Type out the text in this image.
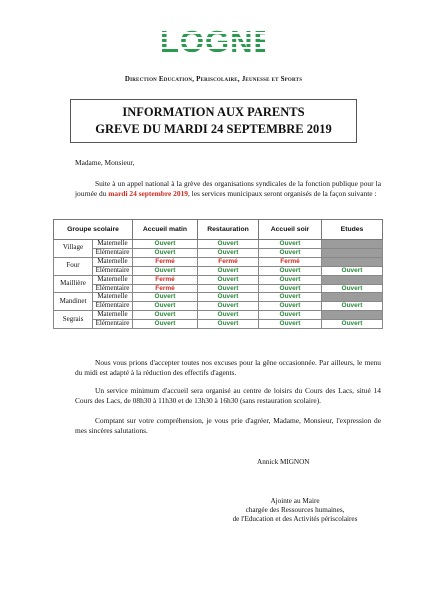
LOGNES
Direction Education, Periscolaire, Jeunesse et Sports
INFORMATION AUX PARENTS
GREVE DU MARDI 24 SEPTEMBRE 2019
Madame, Monsieur,
Suite à un appel national à la grève des organisations syndicales de la fonction publique pour la journée du mardi 24 septembre 2019, les services municipaux seront organisés de la façon suivante :
Groupe scolaire		Accueil matin	Restauration	Accueil soir	Etudes
Village	Maternelle	Ouvert	Ouvert	Ouvert	
	Elémentaire	Ouvert	Ouvert	Ouvert	
Four	Maternelle	Fermé	Fermé	Fermé	
	Elémentaire	Ouvert	Ouvert	Ouvert	Ouvert
Maillière	Maternelle	Fermé	Ouvert	Ouvert	
	Elémentaire	Fermé	Ouvert	Ouvert	Ouvert
Mandinet	Maternelle	Ouvert	Ouvert	Ouvert	
	Elémentaire	Ouvert	Ouvert	Ouvert	Ouvert
Segrais	Maternelle	Ouvert	Ouvert	Ouvert	
	Elémentaire	Ouvert	Ouvert	Ouvert	Ouvert
Nous vous prions d'accepter toutes nos excuses pour la gêne occasionnée. Par ailleurs, le menu du midi est adapté à la réduction des effectifs d'agents.
Un service minimum d'accueil sera organisé au centre de loisirs du Cours des Lacs, situé 14 Cours des Lacs, de 08h30 à 11h30 et de 13h30 à 16h30 (sans restauration scolaire).
Comptant sur votre compréhension, je vous prie d'agréer, Madame, Monsieur, l'expression de mes sincères salutations.
Annick MIGNON
Ajointe au Maire
chargée des Ressources humaines,
de l'Education et des Activités périscolaires
